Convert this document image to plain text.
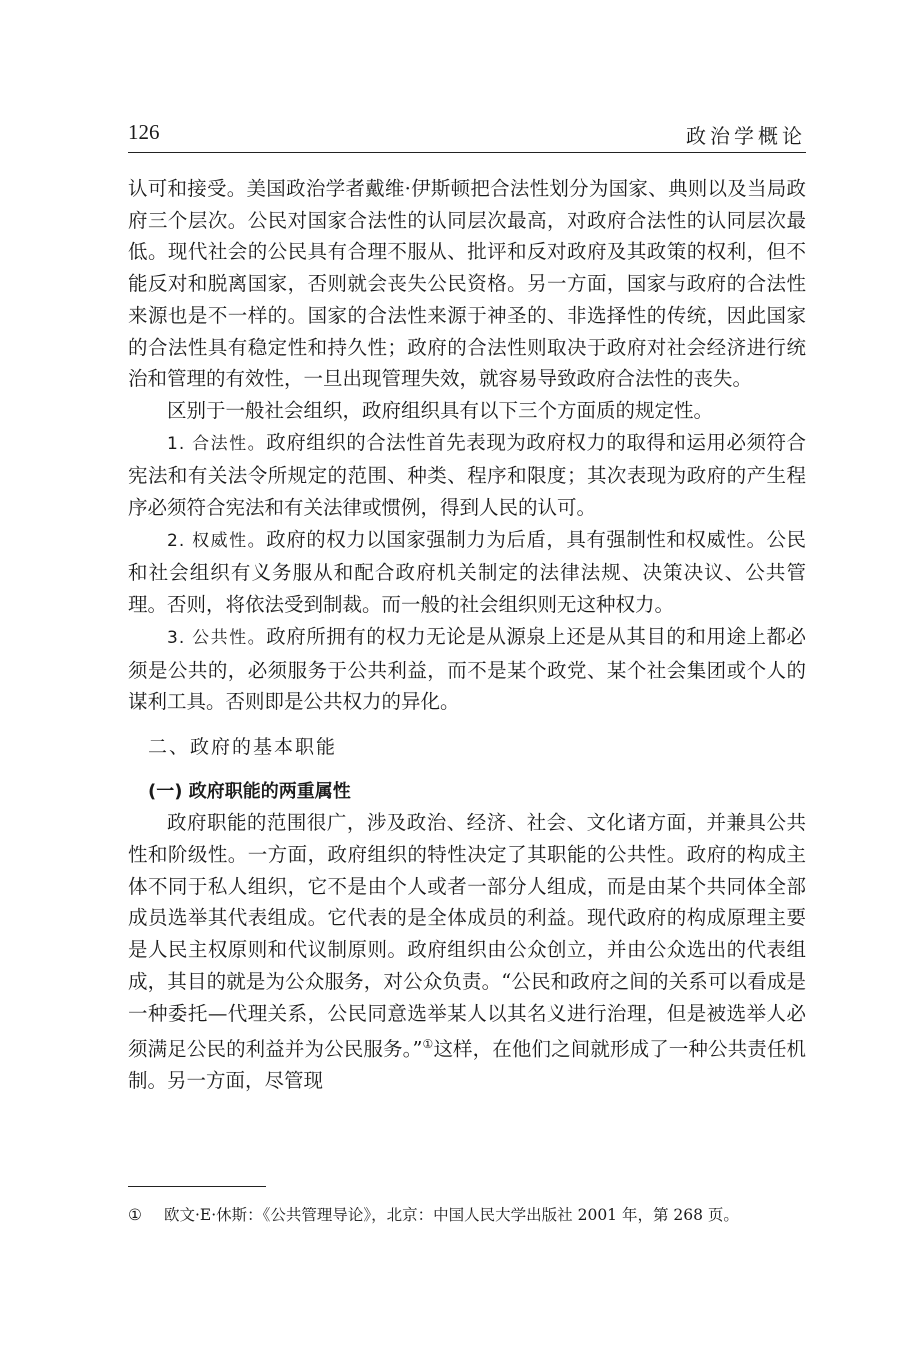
126	政治学概论

认可和接受。美国政治学者戴维·伊斯顿把合法性划分为国家、典则以及当局政府三个层次。公民对国家合法性的认同层次最高，对政府合法性的认同层次最低。现代社会的公民具有合理不服从、批评和反对政府及其政策的权利，但不能反对和脱离国家，否则就会丧失公民资格。另一方面，国家与政府的合法性来源也是不一样的。国家的合法性来源于神圣的、非选择性的传统，因此国家的合法性具有稳定性和持久性；政府的合法性则取决于政府对社会经济进行统治和管理的有效性，一旦出现管理失效，就容易导致政府合法性的丧失。

区别于一般社会组织，政府组织具有以下三个方面质的规定性。

1. 合法性。政府组织的合法性首先表现为政府权力的取得和运用必须符合宪法和有关法令所规定的范围、种类、程序和限度；其次表现为政府的产生程序必须符合宪法和有关法律或惯例，得到人民的认可。

2. 权威性。政府的权力以国家强制力为后盾，具有强制性和权威性。公民和社会组织有义务服从和配合政府机关制定的法律法规、决策决议、公共管理。否则，将依法受到制裁。而一般的社会组织则无这种权力。

3. 公共性。政府所拥有的权力无论是从源泉上还是从其目的和用途上都必须是公共的，必须服务于公共利益，而不是某个政党、某个社会集团或个人的谋利工具。否则即是公共权力的异化。

二、政府的基本职能

(一) 政府职能的两重属性

政府职能的范围很广，涉及政治、经济、社会、文化诸方面，并兼具公共性和阶级性。一方面，政府组织的特性决定了其职能的公共性。政府的构成主体不同于私人组织，它不是由个人或者一部分人组成，而是由某个共同体全部成员选举其代表组成。它代表的是全体成员的利益。现代政府的构成原理主要是人民主权原则和代议制原则。政府组织由公众创立，并由公众选出的代表组成，其目的就是为公众服务，对公众负责。“公民和政府之间的关系可以看成是一种委托—代理关系，公民同意选举某人以其名义进行治理，但是被选举人必须满足公民的利益并为公民服务。”①这样，在他们之间就形成了一种公共责任机制。另一方面，尽管现

① 欧文·E·休斯：《公共管理导论》，北京：中国人民大学出版社 2001 年，第 268 页。
